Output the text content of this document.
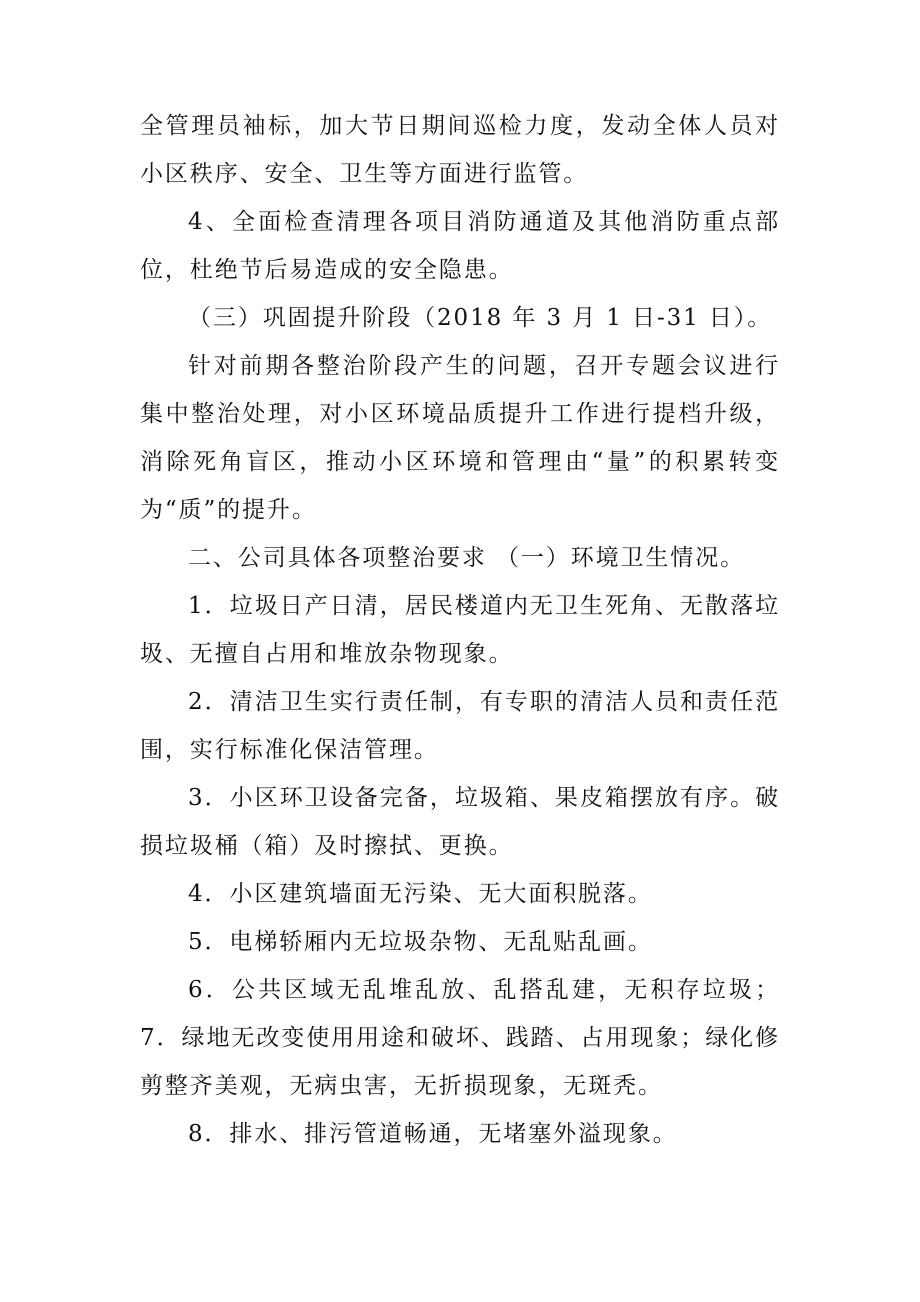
全管理员袖标，加大节日期间巡检力度，发动全体人员对小区秩序、安全、卫生等方面进行监管。

4、全面检查清理各项目消防通道及其他消防重点部位，杜绝节后易造成的安全隐患。

（三）巩固提升阶段（2018 年 3 月 1 日-31 日）。

针对前期各整治阶段产生的问题，召开专题会议进行集中整治处理，对小区环境品质提升工作进行提档升级，消除死角盲区，推动小区环境和管理由“量”的积累转变为“质”的提升。

二、公司具体各项整治要求 （一）环境卫生情况。

1．垃圾日产日清，居民楼道内无卫生死角、无散落垃圾、无擅自占用和堆放杂物现象。

2．清洁卫生实行责任制，有专职的清洁人员和责任范围，实行标准化保洁管理。

3．小区环卫设备完备，垃圾箱、果皮箱摆放有序。破损垃圾桶（箱）及时擦拭、更换。

4．小区建筑墙面无污染、无大面积脱落。

5．电梯轿厢内无垃圾杂物、无乱贴乱画。

6．公共区域无乱堆乱放、乱搭乱建，无积存垃圾；7．绿地无改变使用用途和破坏、践踏、占用现象；绿化修剪整齐美观，无病虫害，无折损现象，无斑秃。

8．排水、排污管道畅通，无堵塞外溢现象。
